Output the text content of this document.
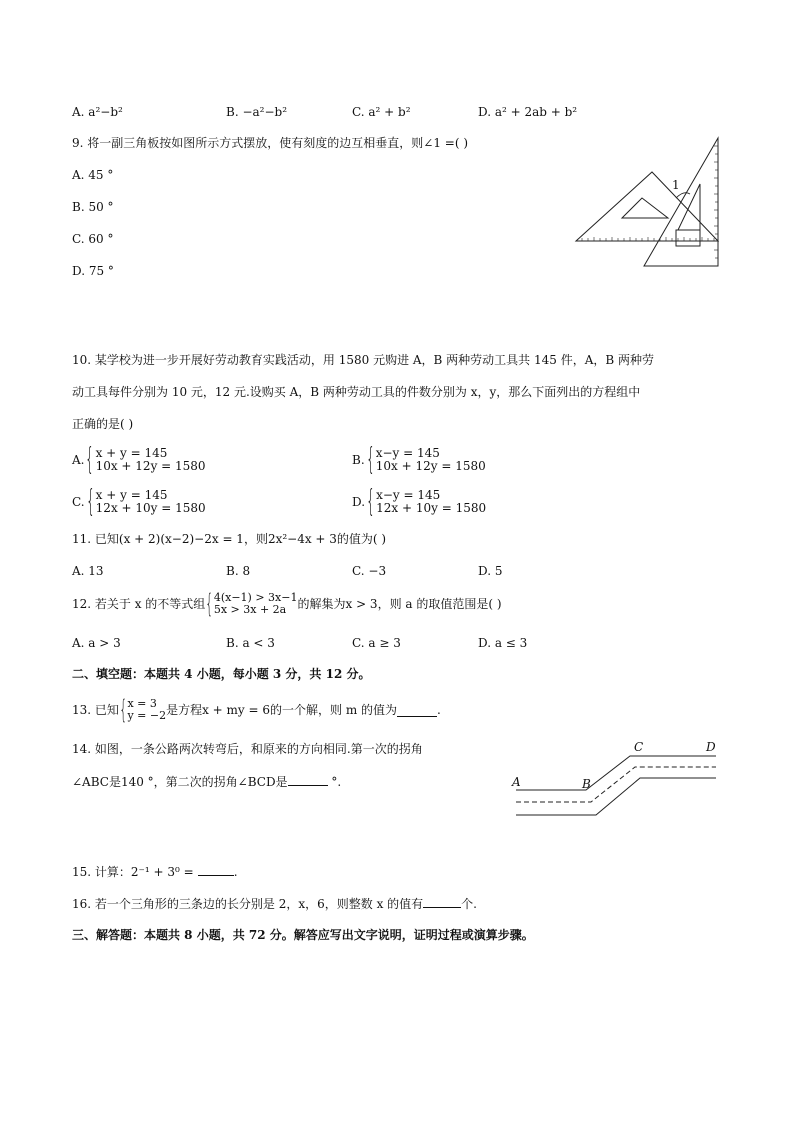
A. a²−b²	B. −a²−b²	C. a² + b²	D. a² + 2ab + b²
9. 将一副三角板按如图所示方式摆放，使有刻度的边互相垂直，则∠1 =( )
A. 45 °
B. 50 °
C. 60 °
D. 75 °
1
10. 某学校为进一步开展好劳动教育实践活动，用 1580 元购进 A，B 两种劳动工具共 145 件，A，B 两种劳
动工具每件分别为 10 元，12 元.设购买 A，B 两种劳动工具的件数分别为 x，y，那么下面列出的方程组中
正确的是( )
A. { x + y = 145
10x + 12y = 1580	B. { x−y = 145
10x + 12y = 1580
C. { x + y = 145
12x + 10y = 1580	D. { x−y = 145
12x + 10y = 1580
11. 已知(x + 2)(x−2)−2x = 1，则2x²−4x + 3的值为( )
A. 13	B. 8	C. −3	D. 5
12. 若关于 x 的不等式组 { 4(x−1) > 3x−1
5x > 3x + 2a 的解集为x > 3，则 a 的取值范围是( )
A. a > 3	B. a < 3	C. a ≥ 3	D. a ≤ 3
二、填空题：本题共 4 小题，每小题 3 分，共 12 分。
13. 已知 { x = 3
y = −2 是方程x + my = 6的一个解，则 m 的值为	.
14. 如图，一条公路两次转弯后，和原来的方向相同.第一次的拐角
∠ABC是140 °，第二次的拐角∠BCD是	°.	A	B
C	D
15. 计算：2⁻¹ + 3⁰ =	.
16. 若一个三角形的三条边的长分别是 2，x，6，则整数 x 的值有	个.
三、解答题：本题共 8 小题，共 72 分。解答应写出文字说明，证明过程或演算步骤。
